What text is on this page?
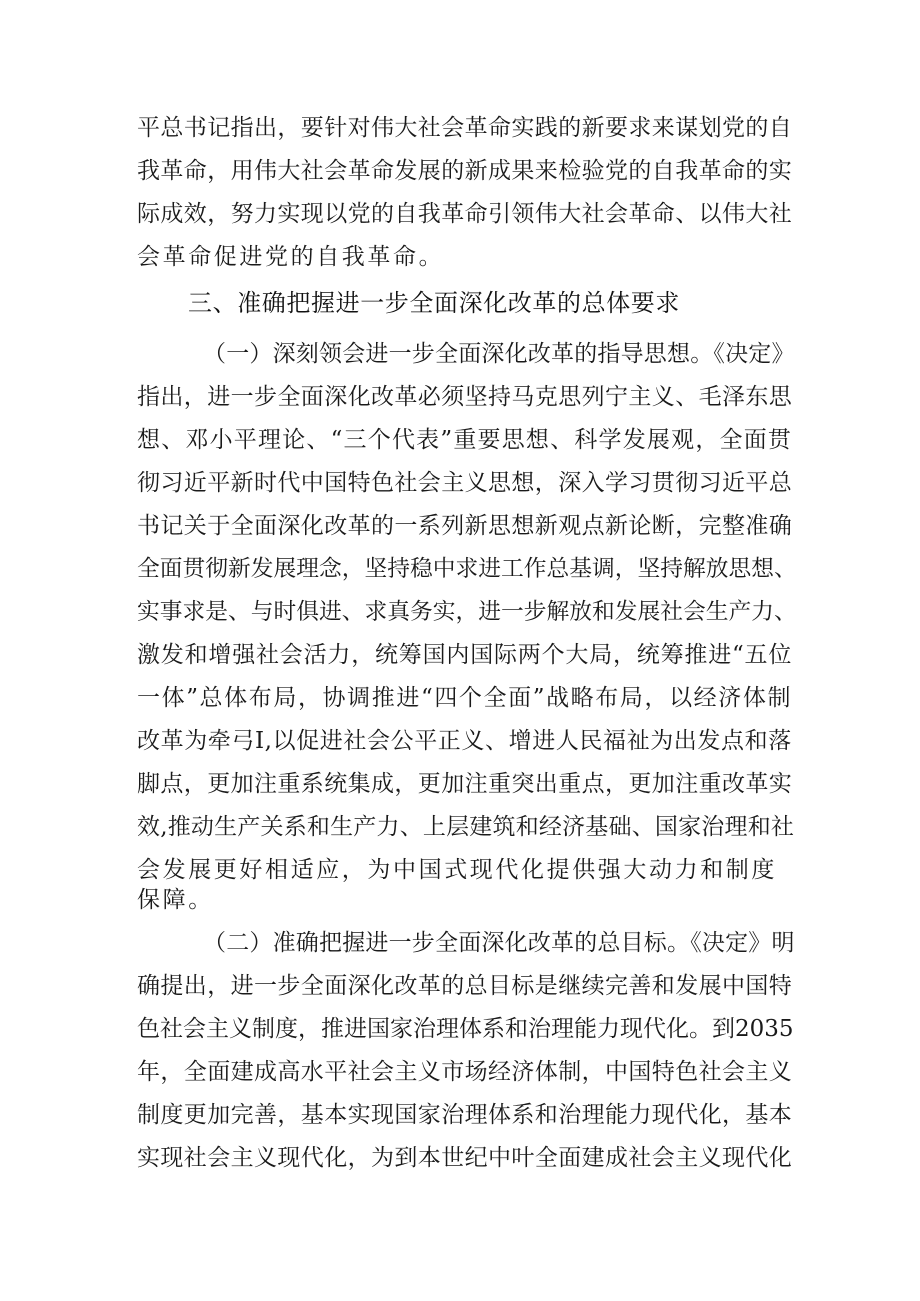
平总书记指出，要针对伟大社会革命实践的新要求来谋划党的自
我革命，用伟大社会革命发展的新成果来检验党的自我革命的实
际成效，努力实现以党的自我革命引领伟大社会革命、以伟大社
会革命促进党的自我革命。
三、准确把握进一步全面深化改革的总体要求
（一）深刻领会进一步全面深化改革的指导思想。《决定》
指出，进一步全面深化改革必须坚持马克思列宁主义、毛泽东思
想、邓小平理论、“三个代表”重要思想、科学发展观，全面贯
彻习近平新时代中国特色社会主义思想，深入学习贯彻习近平总
书记关于全面深化改革的一系列新思想新观点新论断，完整准确
全面贯彻新发展理念，坚持稳中求进工作总基调，坚持解放思想、
实事求是、与时俱进、求真务实，进一步解放和发展社会生产力、
激发和增强社会活力，统筹国内国际两个大局，统筹推进“五位
一体”总体布局，协调推进“四个全面”战略布局，以经济体制
改革为牵弓I,以促进社会公平正义、增进人民福祉为出发点和落
脚点，更加注重系统集成，更加注重突出重点，更加注重改革实
效,推动生产关系和生产力、上层建筑和经济基础、国家治理和社
会发展更好相适应，为中国式现代化提供强大动力和制度
保障。
（二）准确把握进一步全面深化改革的总目标。《决定》明
确提出，进一步全面深化改革的总目标是继续完善和发展中国特
色社会主义制度，推进国家治理体系和治理能力现代化。到2035
年，全面建成高水平社会主义市场经济体制，中国特色社会主义
制度更加完善，基本实现国家治理体系和治理能力现代化，基本
实现社会主义现代化，为到本世纪中叶全面建成社会主义现代化
